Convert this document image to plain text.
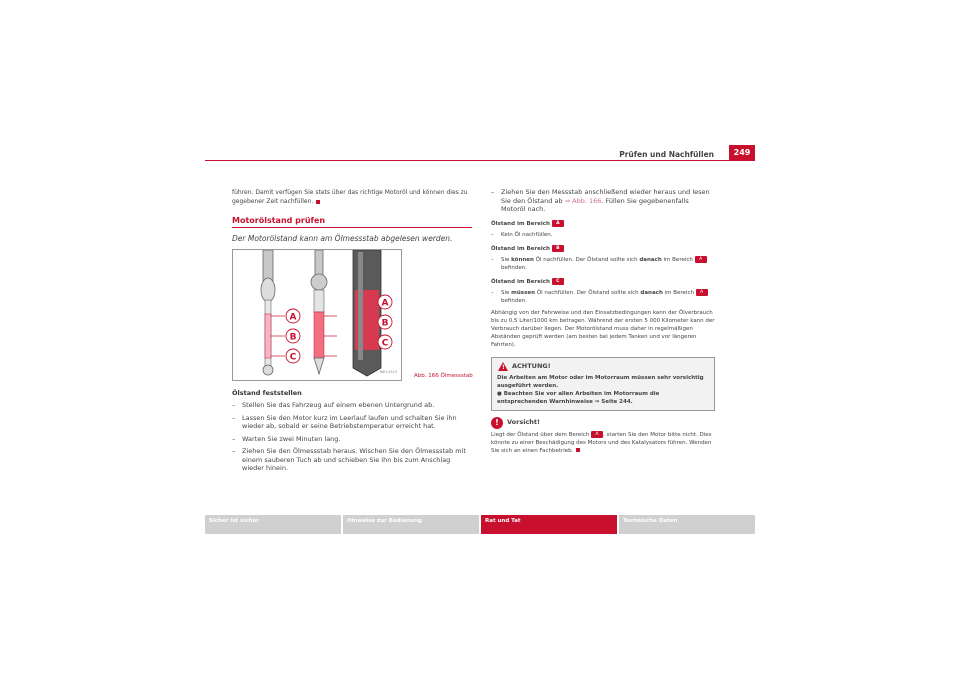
Prüfen und Nachfüllen	249

führen. Damit verfügen Sie stets über das richtige Motoröl und können dies zu gegebener Zeit nachfüllen.

Motorölstand prüfen
Der Motorölstand kann am Ölmessstab abgelesen werden.
A
B
C
A
B
C
B6H-0323
Abb. 166 Ölmessstab
Ölstand feststellen
– Stellen Sie das Fahrzeug auf einem ebenen Untergrund ab.
– Lassen Sie den Motor kurz im Leerlauf laufen und schalten Sie ihn wieder ab, sobald er seine Betriebstemperatur erreicht hat.
– Warten Sie zwei Minuten lang.
– Ziehen Sie den Ölmessstab heraus. Wischen Sie den Ölmessstab mit einem sauberen Tuch ab und schieben Sie ihn bis zum Anschlag wieder hinein.
– Ziehen Sie den Messstab anschließend wieder heraus und lesen Sie den Ölstand ab ⇒ Abb. 166. Füllen Sie gegebenenfalls Motoröl nach.
Ölstand im Bereich A
– Kein Öl nachfüllen.
Ölstand im Bereich B
– Sie können Öl nachfüllen. Der Ölstand sollte sich danach im Bereich A
befinden.
Ölstand im Bereich C
– Sie müssen Öl nachfüllen. Der Ölstand sollte sich danach im Bereich A
befinden.

Abhängig von der Fahrweise und den Einsatzbedingungen kann der Ölverbrauch bis zu 0,5 Liter/1000 km betragen. Während der ersten 5 000 Kilometer kann der Verbrauch darüber liegen. Der Motorölstand muss daher in regelmäßigen Abständen geprüft werden (am besten bei jedem Tanken und vor längeren Fahrten).

!
ACHTUNG!
Die Arbeiten am Motor oder im Motorraum müssen sehr vorsichtig ausgeführt werden.
● Beachten Sie vor allen Arbeiten im Motorraum die entsprechenden Warnhinweise ⇒ Seite 244.
!	Vorsicht!

Liegt der Ölstand über dem Bereich A , starten Sie den Motor bitte nicht. Dies könnte zu einer Beschädigung des Motors und des Katalysators führen. Wenden Sie sich an einen Fachbetrieb.

Sicher ist sicher	Hinweise zur Bedienung	Rat und Tat	Technische Daten
